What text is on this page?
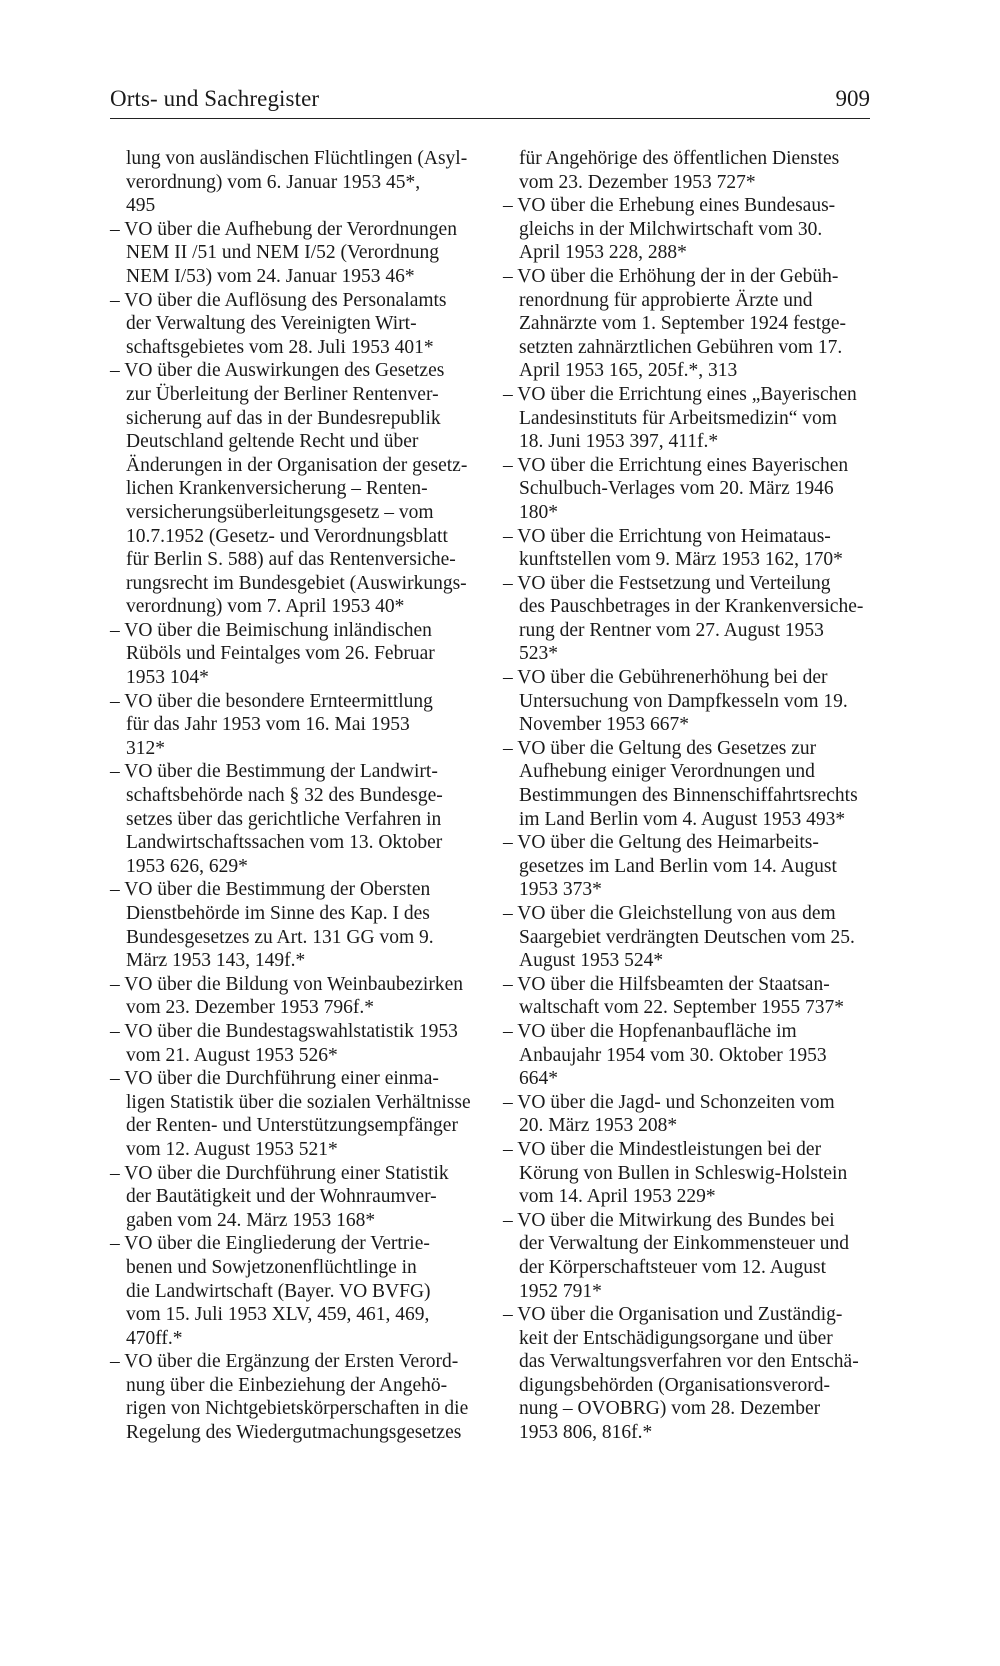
Orts- und Sachregister	909
lung von ausländischen Flüchtlingen (Asyl-
verordnung) vom 6. Januar 1953 45*,
495
– VO über die Aufhebung der Verordnungen
NEM II /51 und NEM I/52 (Verordnung
NEM I/53) vom 24. Januar 1953 46*
– VO über die Auflösung des Personalamts
der Verwaltung des Vereinigten Wirt-
schaftsgebietes vom 28. Juli 1953 401*
– VO über die Auswirkungen des Gesetzes
zur Überleitung der Berliner Rentenver-
sicherung auf das in der Bundesrepublik
Deutschland geltende Recht und über
Änderungen in der Organisation der gesetz-
lichen Krankenversicherung – Renten-
versicherungsüberleitungsgesetz – vom
10.7.1952 (Gesetz- und Verordnungsblatt
für Berlin S. 588) auf das Rentenversiche-
rungsrecht im Bundesgebiet (Auswirkungs-
verordnung) vom 7. April 1953 40*
– VO über die Beimischung inländischen
Rüböls und Feintalges vom 26. Februar
1953 104*
– VO über die besondere Ernteermittlung
für das Jahr 1953 vom 16. Mai 1953
312*
– VO über die Bestimmung der Landwirt-
schaftsbehörde nach § 32 des Bundesge-
setzes über das gerichtliche Verfahren in
Landwirtschaftssachen vom 13. Oktober
1953 626, 629*
– VO über die Bestimmung der Obersten
Dienstbehörde im Sinne des Kap. I des
Bundesgesetzes zu Art. 131 GG vom 9.
März 1953 143, 149f.*
– VO über die Bildung von Weinbaubezirken
vom 23. Dezember 1953 796f.*
– VO über die Bundestagswahlstatistik 1953
vom 21. August 1953 526*
– VO über die Durchführung einer einma-
ligen Statistik über die sozialen Verhältnisse
der Renten- und Unterstützungsempfänger
vom 12. August 1953 521*
– VO über die Durchführung einer Statistik
der Bautätigkeit und der Wohnraumver-
gaben vom 24. März 1953 168*
– VO über die Eingliederung der Vertrie-
benen und Sowjetzonenflüchtlinge in
die Landwirtschaft (Bayer. VO BVFG)
vom 15. Juli 1953 XLV, 459, 461, 469,
470ff.*
– VO über die Ergänzung der Ersten Verord-
nung über die Einbeziehung der Angehö-
rigen von Nichtgebietskörperschaften in die
Regelung des Wiedergutmachungsgesetzes
für Angehörige des öffentlichen Dienstes
vom 23. Dezember 1953 727*
– VO über die Erhebung eines Bundesaus-
gleichs in der Milchwirtschaft vom 30.
April 1953 228, 288*
– VO über die Erhöhung der in der Gebüh-
renordnung für approbierte Ärzte und
Zahnärzte vom 1. September 1924 festge-
setzten zahnärztlichen Gebühren vom 17.
April 1953 165, 205f.*, 313
– VO über die Errichtung eines „Bayerischen
Landesinstituts für Arbeitsmedizin“ vom
18. Juni 1953 397, 411f.*
– VO über die Errichtung eines Bayerischen
Schulbuch-Verlages vom 20. März 1946
180*
– VO über die Errichtung von Heimataus-
kunftstellen vom 9. März 1953 162, 170*
– VO über die Festsetzung und Verteilung
des Pauschbetrages in der Krankenversiche-
rung der Rentner vom 27. August 1953
523*
– VO über die Gebührenerhöhung bei der
Untersuchung von Dampfkesseln vom 19.
November 1953 667*
– VO über die Geltung des Gesetzes zur
Aufhebung einiger Verordnungen und
Bestimmungen des Binnenschiffahrtsrechts
im Land Berlin vom 4. August 1953 493*
– VO über die Geltung des Heimarbeits-
gesetzes im Land Berlin vom 14. August
1953 373*
– VO über die Gleichstellung von aus dem
Saargebiet verdrängten Deutschen vom 25.
August 1953 524*
– VO über die Hilfsbeamten der Staatsan-
waltschaft vom 22. September 1955 737*
– VO über die Hopfenanbaufläche im
Anbaujahr 1954 vom 30. Oktober 1953
664*
– VO über die Jagd- und Schonzeiten vom
20. März 1953 208*
– VO über die Mindestleistungen bei der
Körung von Bullen in Schleswig-Holstein
vom 14. April 1953 229*
– VO über die Mitwirkung des Bundes bei
der Verwaltung der Einkommensteuer und
der Körperschaftsteuer vom 12. August
1952 791*
– VO über die Organisation und Zuständig-
keit der Entschädigungsorgane und über
das Verwaltungsverfahren vor den Entschä-
digungsbehörden (Organisationsverord-
nung – OVOBRG) vom 28. Dezember
1953 806, 816f.*
